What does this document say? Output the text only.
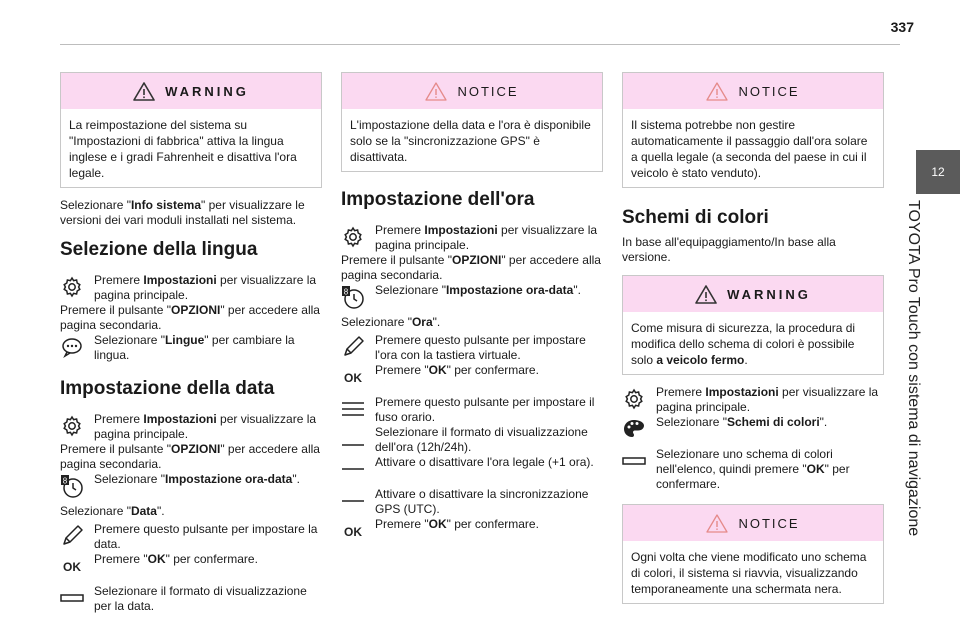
337
12
TOYOTA Pro Touch con sistema di navigazione
WARNING
La reimpostazione del sistema su "Impostazioni di fabbrica" attiva la lingua inglese e i gradi Fahrenheit e disattiva l'ora legale.

Selezionare "Info sistema" per visualizzare le versioni dei vari moduli installati nel sistema.

Selezione della lingua
Premere Impostazioni per visualizzare la pagina principale.
Premere il pulsante "OPZIONI" per accedere alla pagina secondaria.
Selezionare "Lingue" per cambiare la lingua.
Impostazione della data
Premere Impostazioni per visualizzare la pagina principale.
Premere il pulsante "OPZIONI" per accedere alla pagina secondaria.
8 Selezionare "Impostazione ora-data".
Selezionare "Data".
Premere questo pulsante per impostare la data.
OK
Premere "OK" per confermare.
Selezionare il formato di visualizzazione per la data.
NOTICE
L'impostazione della data e l'ora è disponibile solo se la "sincronizzazione GPS" è disattivata.
Impostazione dell'ora
Premere Impostazioni per visualizzare la pagina principale.
Premere il pulsante "OPZIONI" per accedere alla pagina secondaria.
8 Selezionare "Impostazione ora-data".
Selezionare "Ora".
Premere questo pulsante per impostare l'ora con la tastiera virtuale.
OK
Premere "OK" per confermare.
Premere questo pulsante per impostare il fuso orario.
Selezionare il formato di visualizzazione dell'ora (12h/24h).
Attivare o disattivare l'ora legale (+1 ora).
Attivare o disattivare la sincronizzazione GPS (UTC).
OK
Premere "OK" per confermare.
NOTICE
Il sistema potrebbe non gestire automaticamente il passaggio dall'ora solare a quella legale (a seconda del paese in cui il veicolo è stato venduto).
Schemi di colori

In base all'equipaggiamento/In base alla versione.

WARNING
Come misura di sicurezza, la procedura di modifica dello schema di colori è possibile solo a veicolo fermo.
Premere Impostazioni per visualizzare la pagina principale.
Selezionare "Schemi di colori".
Selezionare uno schema di colori nell'elenco, quindi premere "OK" per confermare.
NOTICE
Ogni volta che viene modificato uno schema di colori, il sistema si riavvia, visualizzando temporaneamente una schermata nera.
